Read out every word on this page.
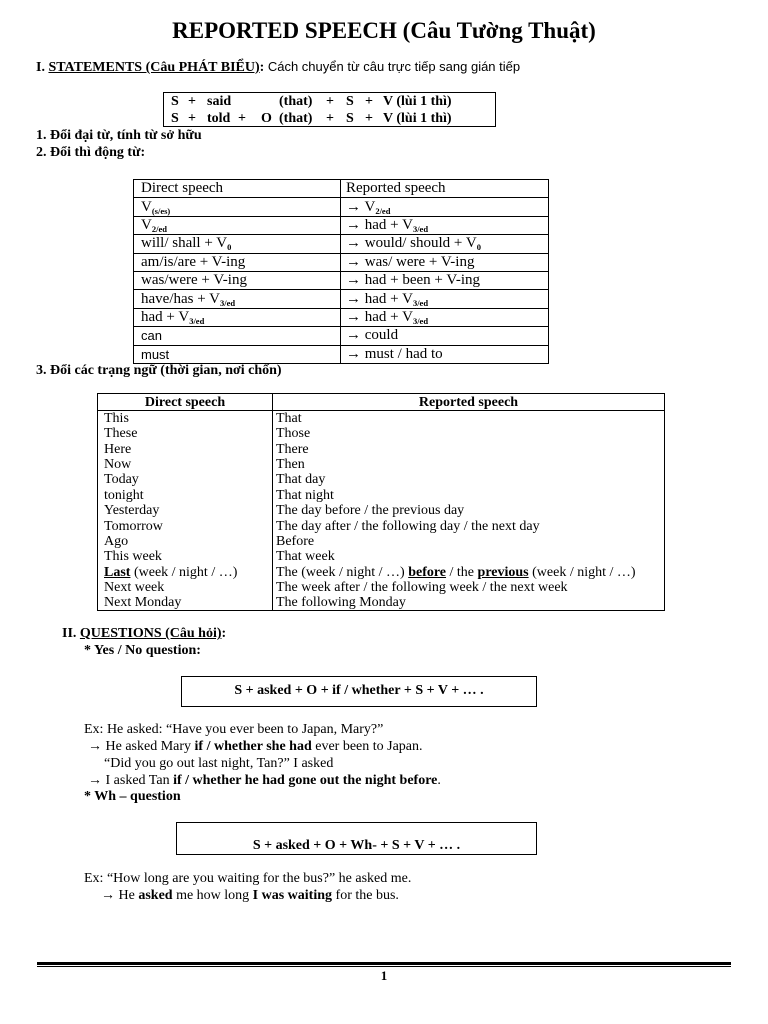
REPORTED SPEECH (Câu Tường Thuật)
I. STATEMENTS (Câu PHÁT BIỂU): Cách chuyển từ câu trực tiếp sang gián tiếp
S + said	(that) + S + V (lùi 1 thì)
S + told + O (that) + S + V (lùi 1 thì)
1. Đổi đại từ, tính từ sở hữu
2. Đổi thì động từ:
Direct speech	Reported speech
$V_{(s/es)}$	→ $V_{2/ed}$
$V_{2/ed}$	→ had + $V_{3/ed}$
will/ shall + $V_0$	→ would/ should + $V_0$
am/is/are + V-ing	→ was/ were + V-ing
was/were + V-ing	→ had + been + V-ing
have/has + $V_{3/ed}$	→ had + $V_{3/ed}$
had + $V_{3/ed}$	→ had + $V_{3/ed}$
can	→ could
must	→ must / had to
3. Đổi các trạng ngữ (thời gian, nơi chốn)
Direct speech	Reported speech
This	That
These	Those
Here	There
Now	Then
Today	That day
tonight	That night
Yesterday	The day before / the previous day
Tomorrow	The day after / the following day / the next day
Ago	Before
This week	That week
Last (week / night / …)	The (week / night / …) before / the previous (week / night / …)
Next week	The week after / the following week / the next week
Next Monday	The following Monday
II. QUESTIONS (Câu hỏi):
* Yes / No question:
S + asked + O + if / whether + S + V + … .
Ex: He asked: “Have you ever been to Japan, Mary?”
→ He asked Mary if / whether she had ever been to Japan.
“Did you go out last night, Tan?” I asked
→ I asked Tan if / whether he had gone out the night before.
* Wh – question
S + asked + O + Wh- + S + V + … .
Ex: “How long are you waiting for the bus?” he asked me.
→ He asked me how long I was waiting for the bus.
1
